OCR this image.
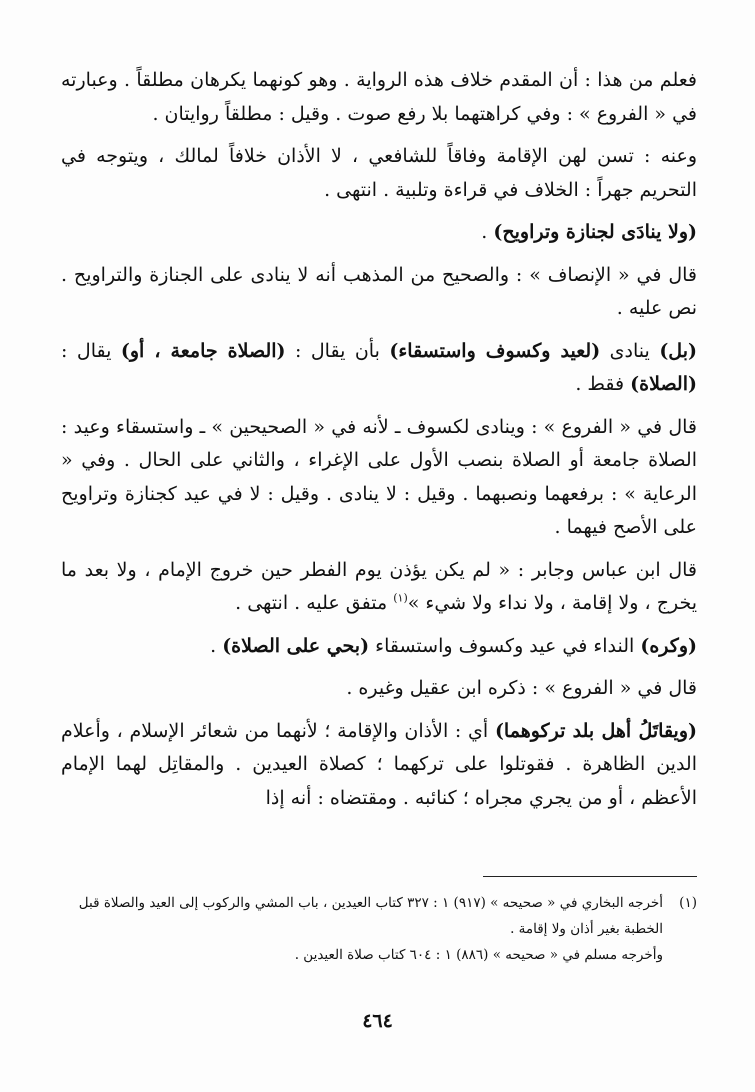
فعلم من هذا : أن المقدم خلاف هذه الرواية . وهو كونهما يكرهان مطلقاً . وعبارته في « الفروع » : وفي كراهتهما بلا رفع صوت . وقيل : مطلقاً روايتان .

وعنه : تسن لهن الإقامة وفاقاً للشافعي ، لا الأذان خلافاً لمالك ، ويتوجه في التحريم جهراً : الخلاف في قراءة وتلبية . انتهى .

(ولا ينادَى لجنازة وتراويح) .

قال في « الإنصاف » : والصحيح من المذهب أنه لا ينادى على الجنازة والتراويح . نص عليه .

(بل) ينادى (لعيد وكسوف واستسقاء) بأن يقال : (الصلاة جامعة ، أو) يقال : (الصلاة) فقط .

قال في « الفروع » : وينادى لكسوف ـ لأنه في « الصحيحين » ـ واستسقاء وعيد : الصلاة جامعة أو الصلاة بنصب الأول على الإغراء ، والثاني على الحال . وفي « الرعاية » : برفعهما ونصبهما . وقيل : لا ينادى . وقيل : لا في عيد كجنازة وتراويح على الأصح فيهما .

قال ابن عباس وجابر : « لم يكن يؤذن يوم الفطر حين خروج الإمام ، ولا بعد ما يخرج ، ولا إقامة ، ولا نداء ولا شيء »$^{(١)}$ متفق عليه . انتهى .

(وكره) النداء في عيد وكسوف واستسقاء (بحي على الصلاة) .

قال في « الفروع » : ذكره ابن عقيل وغيره .

(ويقاتَلُ أهل بلد تركوهما) أي : الأذان والإقامة ؛ لأنهما من شعائر الإسلام ، وأعلام الدين الظاهرة . فقوتلوا على تركهما ؛ كصلاة العيدين . والمقاتِل لهما الإمام الأعظم ، أو من يجري مجراه ؛ كنائبه . ومقتضاه : أنه إذا

(١)
أخرجه البخاري في « صحيحه » (٩١٧) ١ : ٣٢٧ كتاب العيدين ، باب المشي والركوب إلى العيد والصلاة قبل الخطبة بغير أذان ولا إقامة .
وأخرجه مسلم في « صحيحه » (٨٨٦) ١ : ٦٠٤ كتاب صلاة العيدين .
٤٦٤
